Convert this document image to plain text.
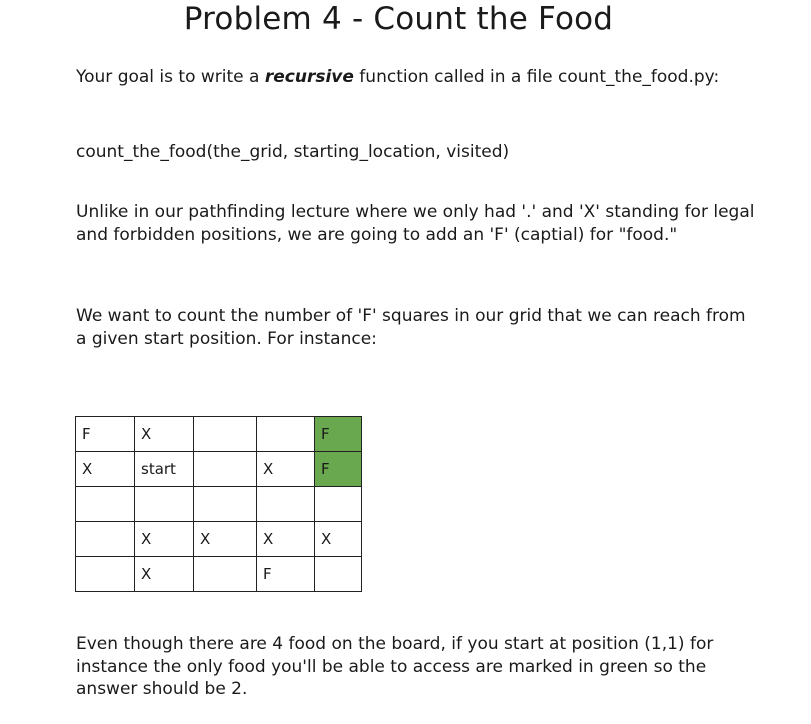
Problem 4 - Count the Food

Your goal is to write a recursive function called in a file count_the_food.py:

count_the_food(the_grid, starting_location, visited)

Unlike in our pathfinding lecture where we only had '.' and 'X' standing for legal and forbidden positions, we are going to add an 'F' (captial) for "food."

We want to count the number of 'F' squares in our grid that we can reach from a given start position. For instance:

F	X			F
X	start		X	F

	X	X	X	X
	X		F	

Even though there are 4 food on the board, if you start at position (1,1) for instance the only food you'll be able to access are marked in green so the answer should be 2.
